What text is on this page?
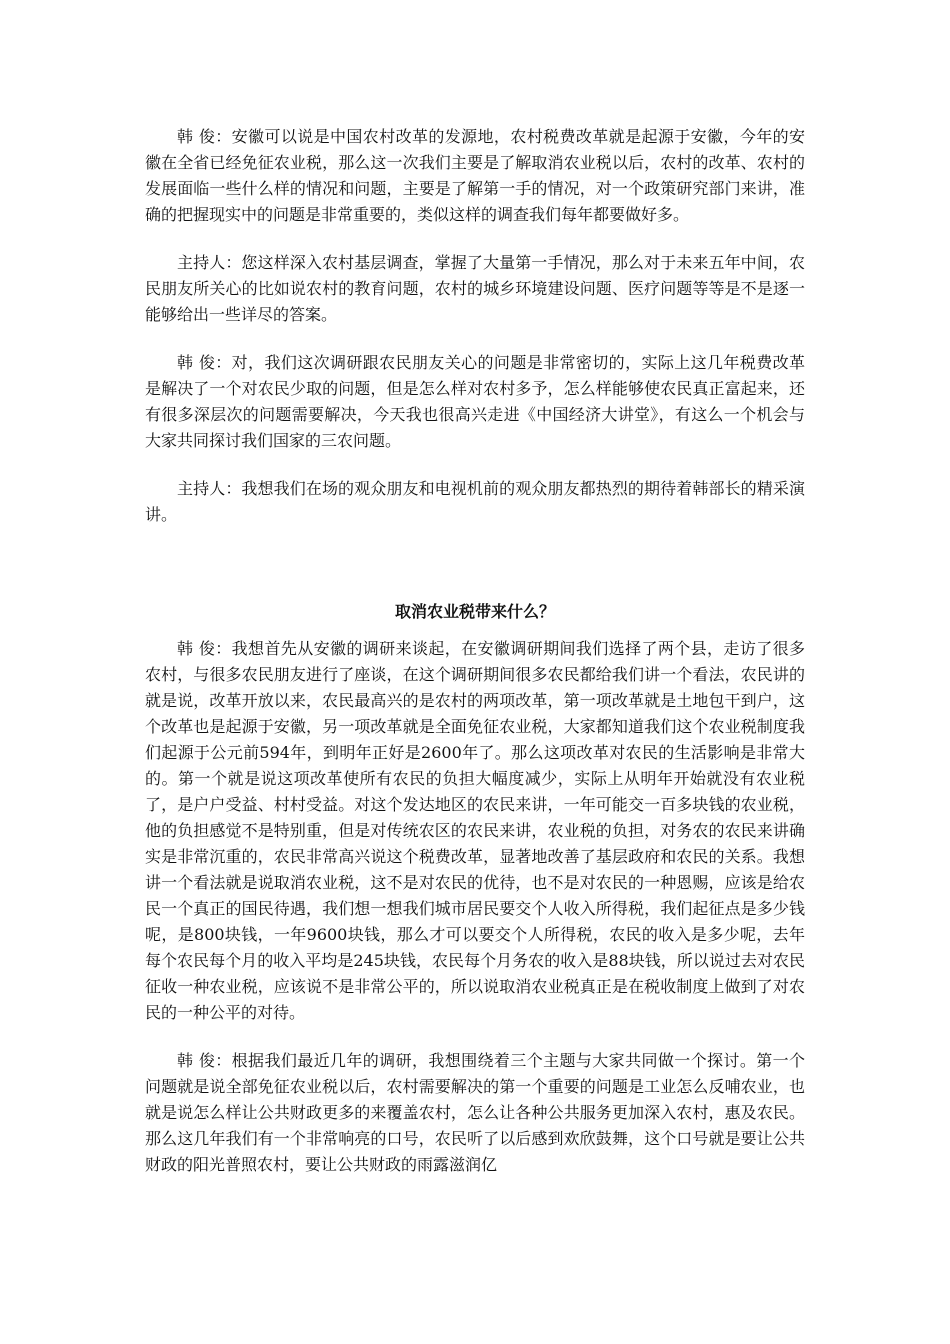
韩 俊：安徽可以说是中国农村改革的发源地，农村税费改革就是起源于安徽，今年的安徽在全省已经免征农业税，那么这一次我们主要是了解取消农业税以后，农村的改革、农村的发展面临一些什么样的情况和问题，主要是了解第一手的情况，对一个政策研究部门来讲，准确的把握现实中的问题是非常重要的，类似这样的调查我们每年都要做好多。

主持人：您这样深入农村基层调查，掌握了大量第一手情况，那么对于未来五年中间，农民朋友所关心的比如说农村的教育问题，农村的城乡环境建设问题、医疗问题等等是不是逐一能够给出一些详尽的答案。

韩 俊：对，我们这次调研跟农民朋友关心的问题是非常密切的，实际上这几年税费改革是解决了一个对农民少取的问题，但是怎么样对农村多予，怎么样能够使农民真正富起来，还有很多深层次的问题需要解决，今天我也很高兴走进《中国经济大讲堂》，有这么一个机会与大家共同探讨我们国家的三农问题。

主持人：我想我们在场的观众朋友和电视机前的观众朋友都热烈的期待着韩部长的精采演讲。

取消农业税带来什么？

韩 俊：我想首先从安徽的调研来谈起，在安徽调研期间我们选择了两个县，走访了很多农村，与很多农民朋友进行了座谈，在这个调研期间很多农民都给我们讲一个看法，农民讲的就是说，改革开放以来，农民最高兴的是农村的两项改革，第一项改革就是土地包干到户，这个改革也是起源于安徽，另一项改革就是全面免征农业税，大家都知道我们这个农业税制度我们起源于公元前594年，到明年正好是2600年了。那么这项改革对农民的生活影响是非常大的。第一个就是说这项改革使所有农民的负担大幅度减少，实际上从明年开始就没有农业税了，是户户受益、村村受益。对这个发达地区的农民来讲，一年可能交一百多块钱的农业税，他的负担感觉不是特别重，但是对传统农区的农民来讲，农业税的负担，对务农的农民来讲确实是非常沉重的，农民非常高兴说这个税费改革，显著地改善了基层政府和农民的关系。我想讲一个看法就是说取消农业税，这不是对农民的优待，也不是对农民的一种恩赐，应该是给农民一个真正的国民待遇，我们想一想我们城市居民要交个人收入所得税，我们起征点是多少钱呢，是800块钱，一年9600块钱，那么才可以要交个人所得税，农民的收入是多少呢，去年每个农民每个月的收入平均是245块钱，农民每个月务农的收入是88块钱，所以说过去对农民征收一种农业税，应该说不是非常公平的，所以说取消农业税真正是在税收制度上做到了对农民的一种公平的对待。

韩 俊：根据我们最近几年的调研，我想围绕着三个主题与大家共同做一个探讨。第一个问题就是说全部免征农业税以后，农村需要解决的第一个重要的问题是工业怎么反哺农业，也就是说怎么样让公共财政更多的来覆盖农村，怎么让各种公共服务更加深入农村，惠及农民。那么这几年我们有一个非常响亮的口号，农民听了以后感到欢欣鼓舞，这个口号就是要让公共财政的阳光普照农村，要让公共财政的雨露滋润亿
